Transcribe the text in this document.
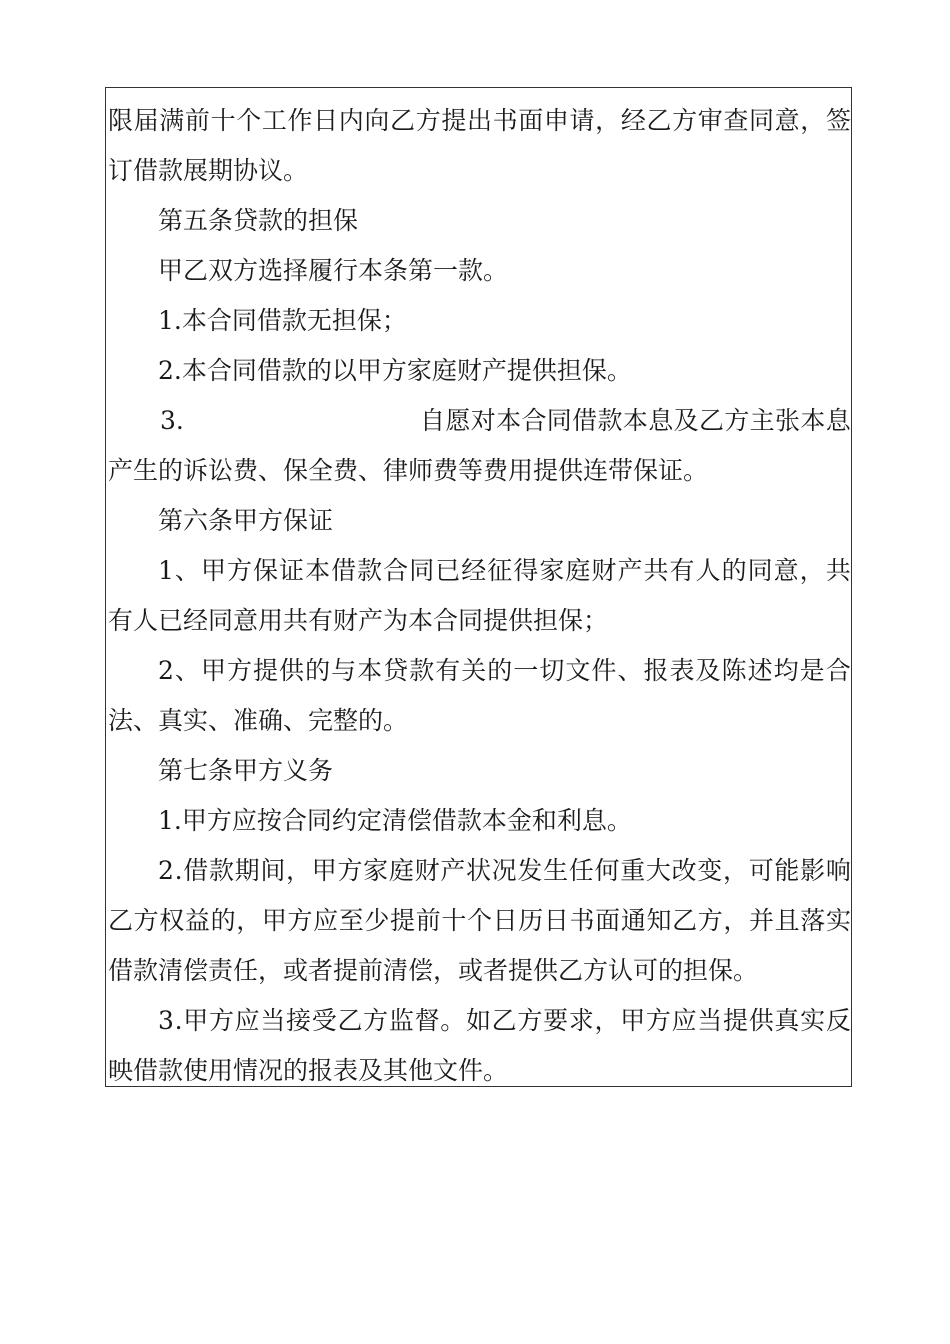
限 届 满 前 十 个 工 作 日 内 向 乙 方 提 出 书 面 申 请 ， 经 乙 方 审 查 同 意 ， 签
订借款展期协议。
第五条贷款的担保
甲乙双方选择履行本条第一款。
1.本合同借款无担保；
2.本合同借款的以甲方家庭财产提供担保。
3.	自 愿 对 本 合 同 借 款 本 息 及 乙 方 主 张 本 息
产生的诉讼费、保全费、律师费等费用提供连带保证。
第六条甲方保证
1 、 甲 方 保 证 本 借 款 合 同 已 经 征 得 家 庭 财 产 共 有 人 的 同 意 ， 共
有人已经同意用共有财产为本合同提供担保；
2 、 甲 方 提 供 的 与 本 贷 款 有 关 的 一 切 文 件 、 报 表 及 陈 述 均 是 合
法、真实、准确、完整的。
第七条甲方义务
1.甲方应按合同约定清偿借款本金和利息。
2 . 借 款 期 间 ， 甲 方 家 庭 财 产 状 况 发 生 任 何 重 大 改 变 ， 可 能 影 响
乙 方 权 益 的 ， 甲 方 应 至 少 提 前 十 个 日 历 日 书 面 通 知 乙 方 ， 并 且 落 实
借款清偿责任，或者提前清偿，或者提供乙方认可的担保。
3 . 甲 方 应 当 接 受 乙 方 监 督 。 如 乙 方 要 求 ， 甲 方 应 当 提 供 真 实 反
映借款使用情况的报表及其他文件。
